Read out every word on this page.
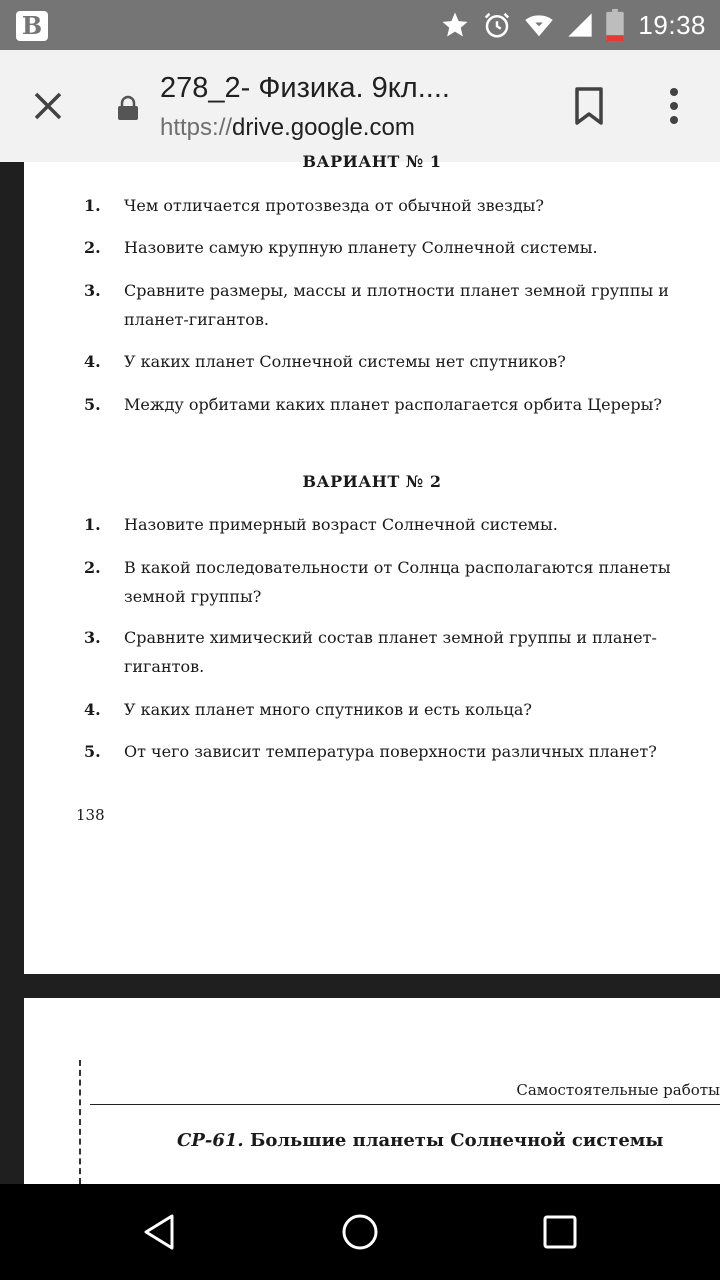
B	19:38
278_2- Физика. 9кл....
https://drive.google.com
ВАРИАНТ № 1
1. Чем отличается протозвезда от обычной звезды?
2. Назовите самую крупную планету Солнечной системы.
3. Сравните размеры, массы и плотности планет земной группы и планет-гигантов.
4. У каких планет Солнечной системы нет спутников?
5. Между орбитами каких планет располагается орбита Цереры?
ВАРИАНТ № 2
1. Назовите примерный возраст Солнечной системы.
2. В какой последовательности от Солнца располагаются планеты земной группы?
3. Сравните химический состав планет земной группы и планет-гигантов.
4. У каких планет много спутников и есть кольца?
5. От чего зависит температура поверхности различных планет?
138
Самостоятельные работы
СР-61. Большие планеты Солнечной системы
